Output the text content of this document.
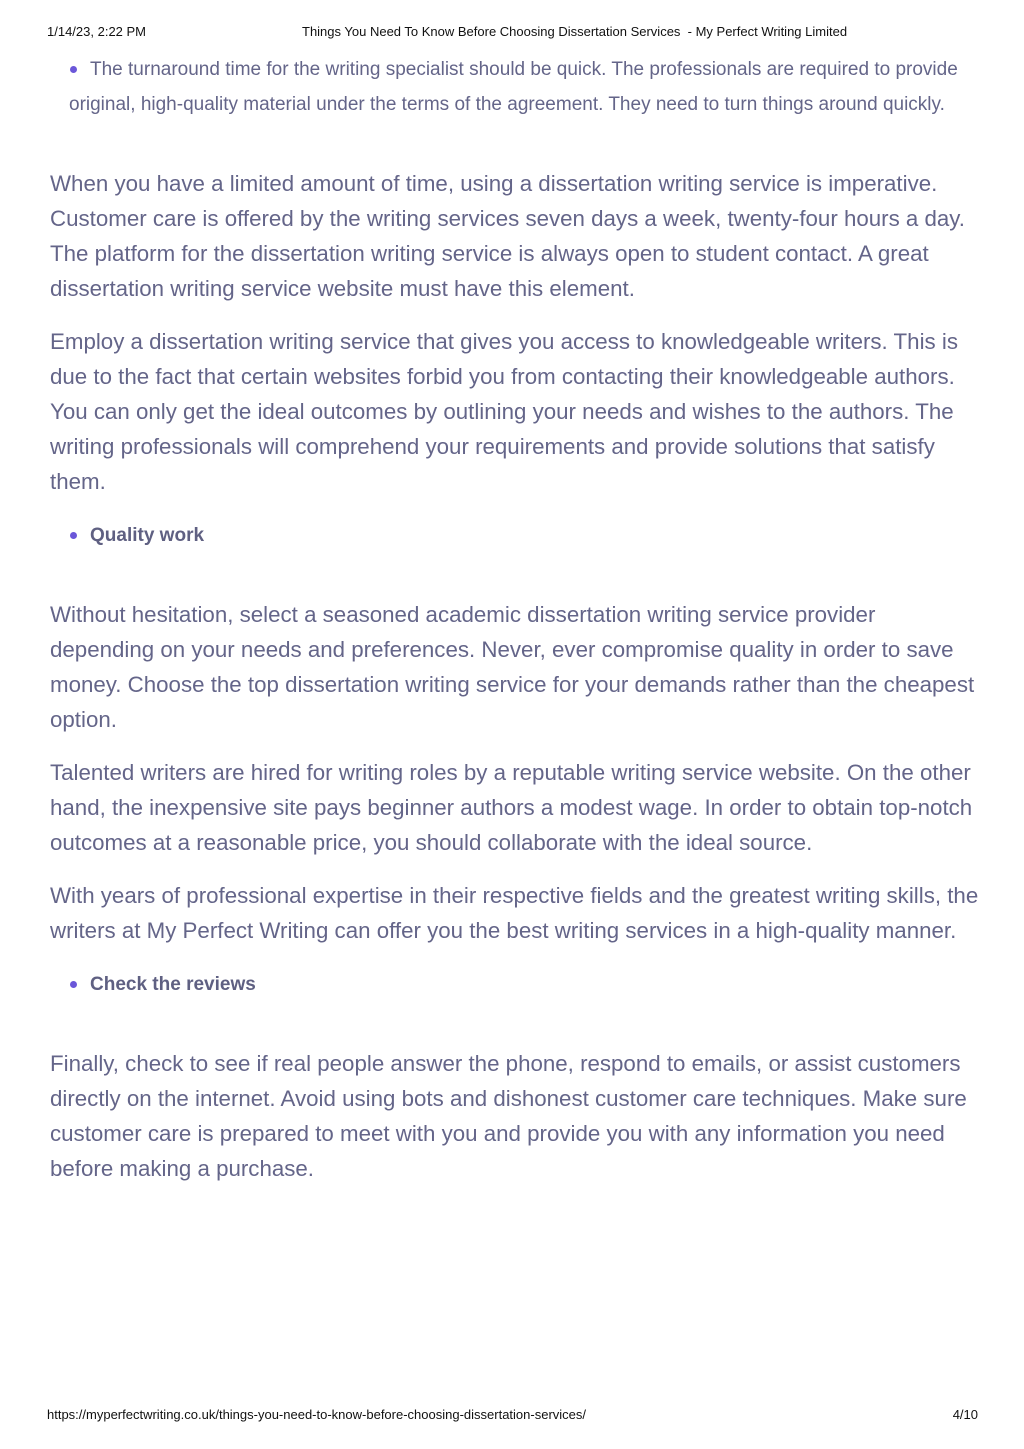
1/14/23, 2:22 PM	Things You Need To Know Before Choosing Dissertation Services  - My Perfect Writing Limited
The turnaround time for the writing specialist should be quick. The professionals are required to provide original, high-quality material under the terms of the agreement. They need to turn things around quickly.

When you have a limited amount of time, using a dissertation writing service is imperative. Customer care is offered by the writing services seven days a week, twenty-four hours a day. The platform for the dissertation writing service is always open to student contact. A great dissertation writing service website must have this element.

Employ a dissertation writing service that gives you access to knowledgeable writers. This is due to the fact that certain websites forbid you from contacting their knowledgeable authors. You can only get the ideal outcomes by outlining your needs and wishes to the authors. The writing professionals will comprehend your requirements and provide solutions that satisfy them.

Quality work

Without hesitation, select a seasoned academic dissertation writing service provider depending on your needs and preferences. Never, ever compromise quality in order to save money. Choose the top dissertation writing service for your demands rather than the cheapest option.

Talented writers are hired for writing roles by a reputable writing service website. On the other hand, the inexpensive site pays beginner authors a modest wage. In order to obtain top-notch outcomes at a reasonable price, you should collaborate with the ideal source.

With years of professional expertise in their respective fields and the greatest writing skills, the writers at My Perfect Writing can offer you the best writing services in a high-quality manner.

Check the reviews

Finally, check to see if real people answer the phone, respond to emails, or assist customers directly on the internet. Avoid using bots and dishonest customer care techniques. Make sure customer care is prepared to meet with you and provide you with any information you need before making a purchase.

https://myperfectwriting.co.uk/things-you-need-to-know-before-choosing-dissertation-services/	4/10
